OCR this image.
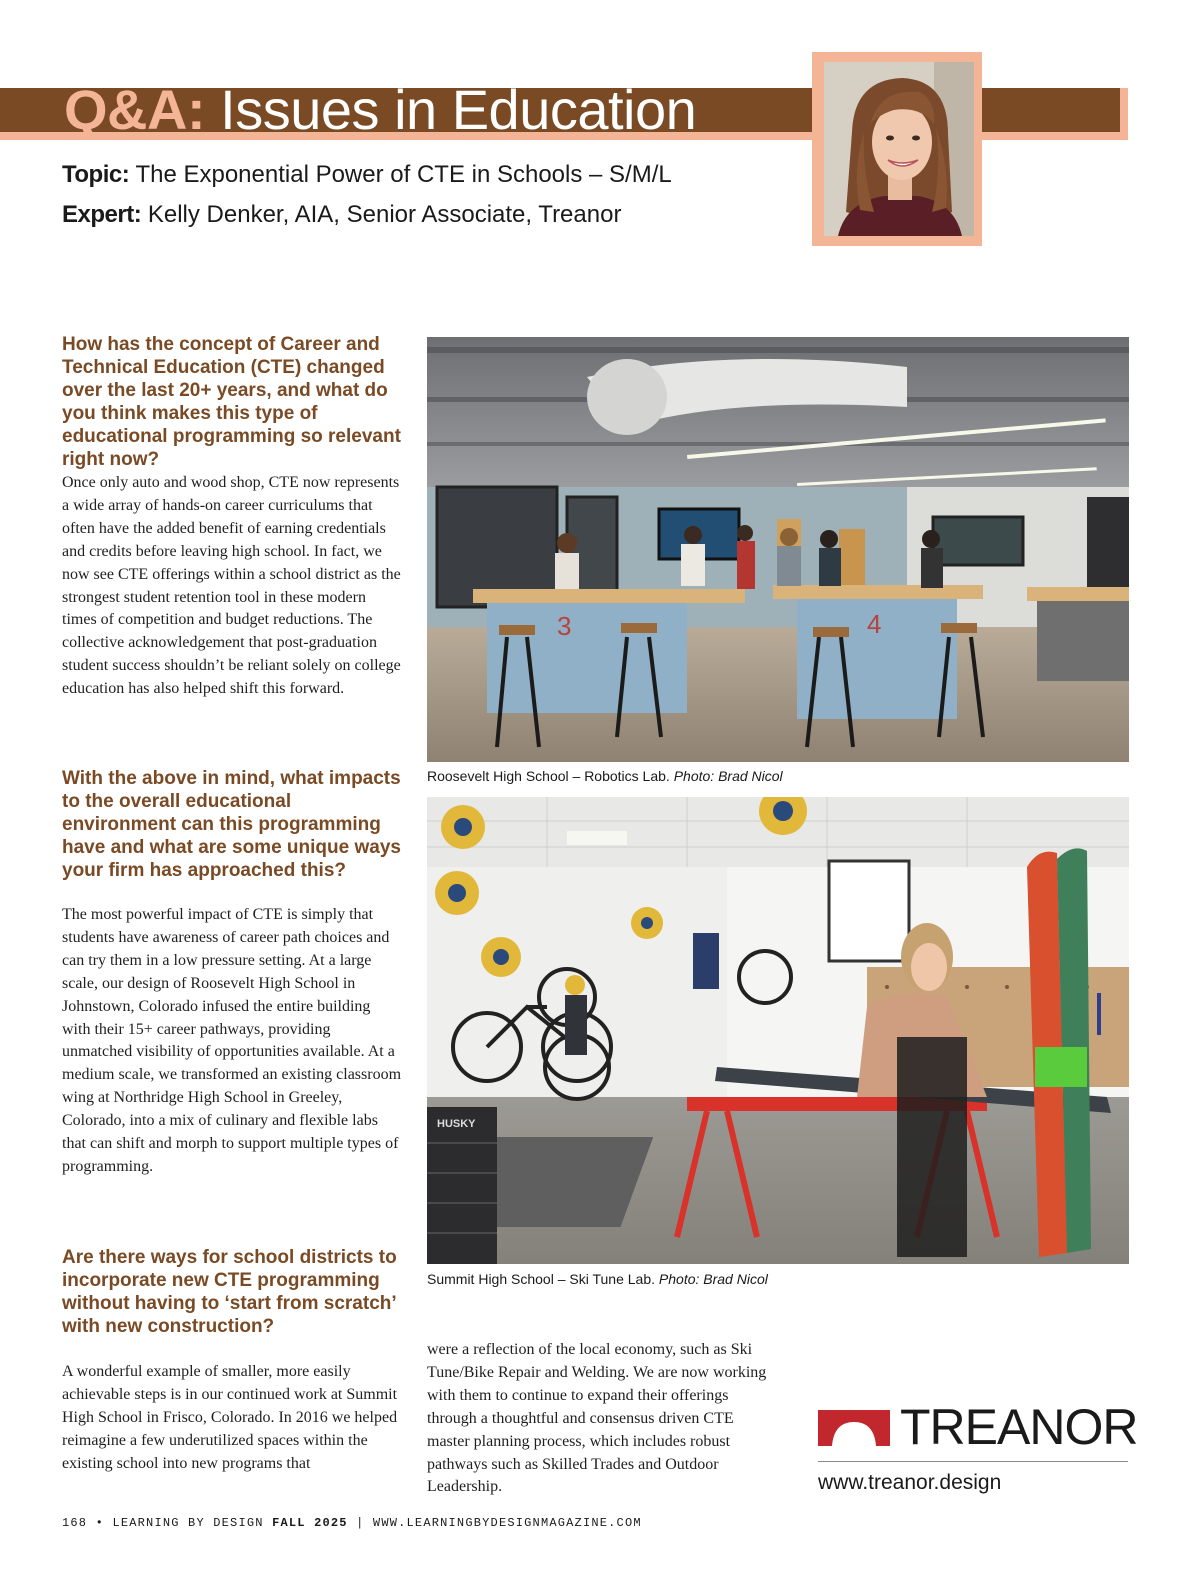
Q&A: Issues in Education

Topic: The Exponential Power of CTE in Schools – S/M/L

Expert: Kelly Denker, AIA, Senior Associate, Treanor

How has the concept of Career and Technical Education (CTE) changed over the last 20+ years, and what do you think makes this type of educational programming so relevant right now?

Once only auto and wood shop, CTE now represents a wide array of hands-on career curriculums that often have the added benefit of earning credentials and credits before leaving high school. In fact, we now see CTE offerings within a school district as the strongest student retention tool in these modern times of competition and budget reductions. The collective acknowledgement that post-graduation student success shouldn’t be reliant solely on college education has also helped shift this forward.

With the above in mind, what impacts to the overall educational environment can this programming have and what are some unique ways your firm has approached this?

The most powerful impact of CTE is simply that students have awareness of career path choices and can try them in a low pressure setting. At a large scale, our design of Roosevelt High School in Johnstown, Colorado infused the entire building with their 15+ career pathways, providing unmatched visibility of opportunities available. At a medium scale, we transformed an existing classroom wing at Northridge High School in Greeley, Colorado, into a mix of culinary and flexible labs that can shift and morph to support multiple types of programming.

Are there ways for school districts to incorporate new CTE programming without having to ‘start from scratch’ with new construction?

A wonderful example of smaller, more easily achievable steps is in our continued work at Summit High School in Frisco, Colorado. In 2016 we helped reimagine a few underutilized spaces within the existing school into new programs that

were a reflection of the local economy, such as Ski Tune/Bike Repair and Welding. We are now working with them to continue to expand their offerings through a thoughtful and consensus driven CTE master planning process, which includes robust pathways such as Skilled Trades and Outdoor Leadership.

3	4

Roosevelt High School – Robotics Lab. Photo: Brad Nicol

HUSKY

Summit High School – Ski Tune Lab. Photo: Brad Nicol

TREANOR

www.treanor.design

168 • LEARNING BY DESIGN FALL 2025 | WWW.LEARNINGBYDESIGNMAGAZINE.COM
